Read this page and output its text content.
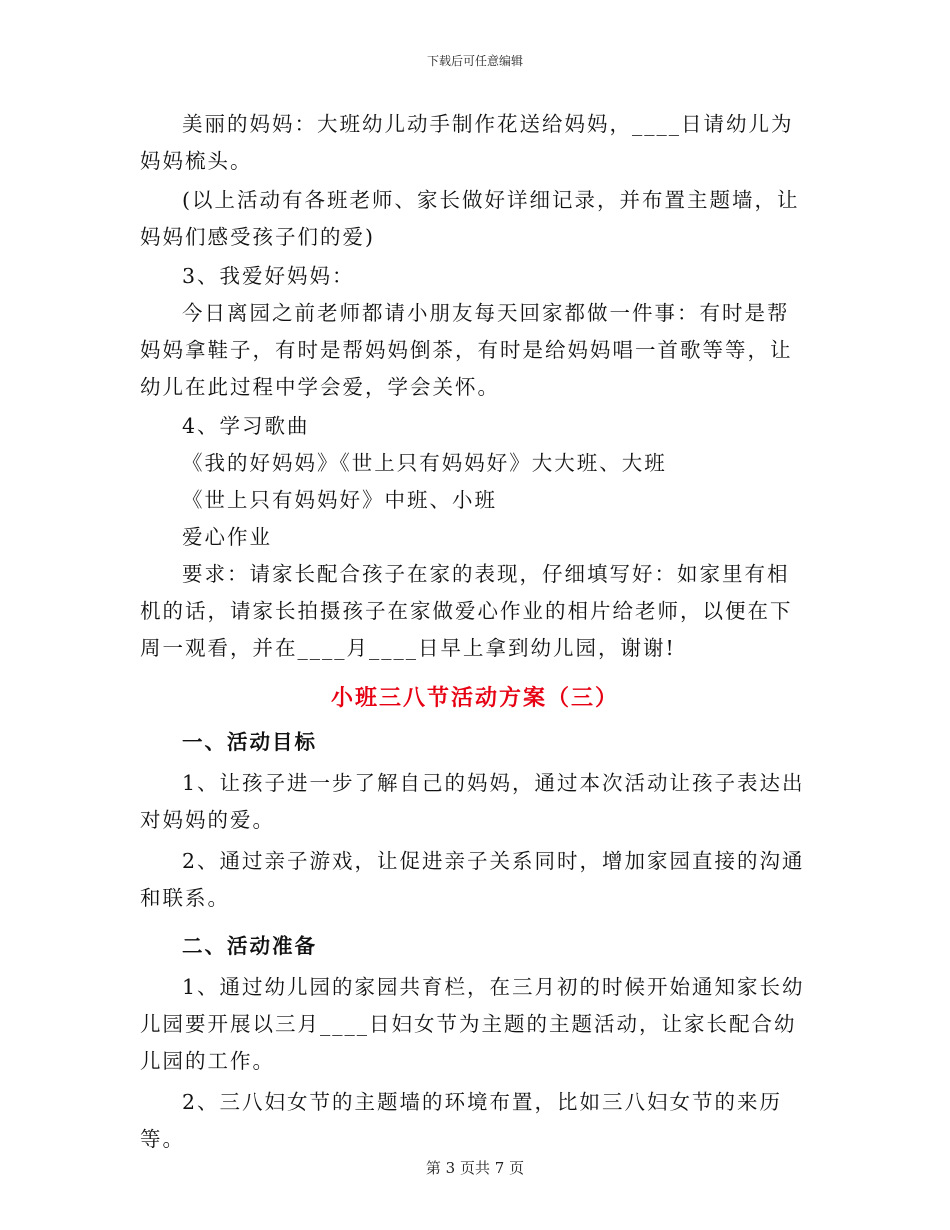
下载后可任意编辑

美丽的妈妈：大班幼儿动手制作花送给妈妈，____日请幼儿为妈妈梳头。

(以上活动有各班老师、家长做好详细记录，并布置主题墙，让妈妈们感受孩子们的爱)

3、我爱好妈妈：

今日离园之前老师都请小朋友每天回家都做一件事：有时是帮妈妈拿鞋子，有时是帮妈妈倒茶，有时是给妈妈唱一首歌等等，让幼儿在此过程中学会爱，学会关怀。

4、学习歌曲

《我的好妈妈》《世上只有妈妈好》大大班、大班

《世上只有妈妈好》中班、小班

爱心作业

要求：请家长配合孩子在家的表现，仔细填写好：如家里有相机的话，请家长拍摄孩子在家做爱心作业的相片给老师，以便在下周一观看，并在____月____日早上拿到幼儿园，谢谢!

小班三八节活动方案（三）
一、活动目标

1、让孩子进一步了解自己的妈妈，通过本次活动让孩子表达出对妈妈的爱。

2、通过亲子游戏，让促进亲子关系同时，增加家园直接的沟通和联系。

二、活动准备

1、通过幼儿园的家园共育栏，在三月初的时候开始通知家长幼儿园要开展以三月____日妇女节为主题的主题活动，让家长配合幼儿园的工作。

2、三八妇女节的主题墙的环境布置，比如三八妇女节的来历等。

第 3 页共 7 页
